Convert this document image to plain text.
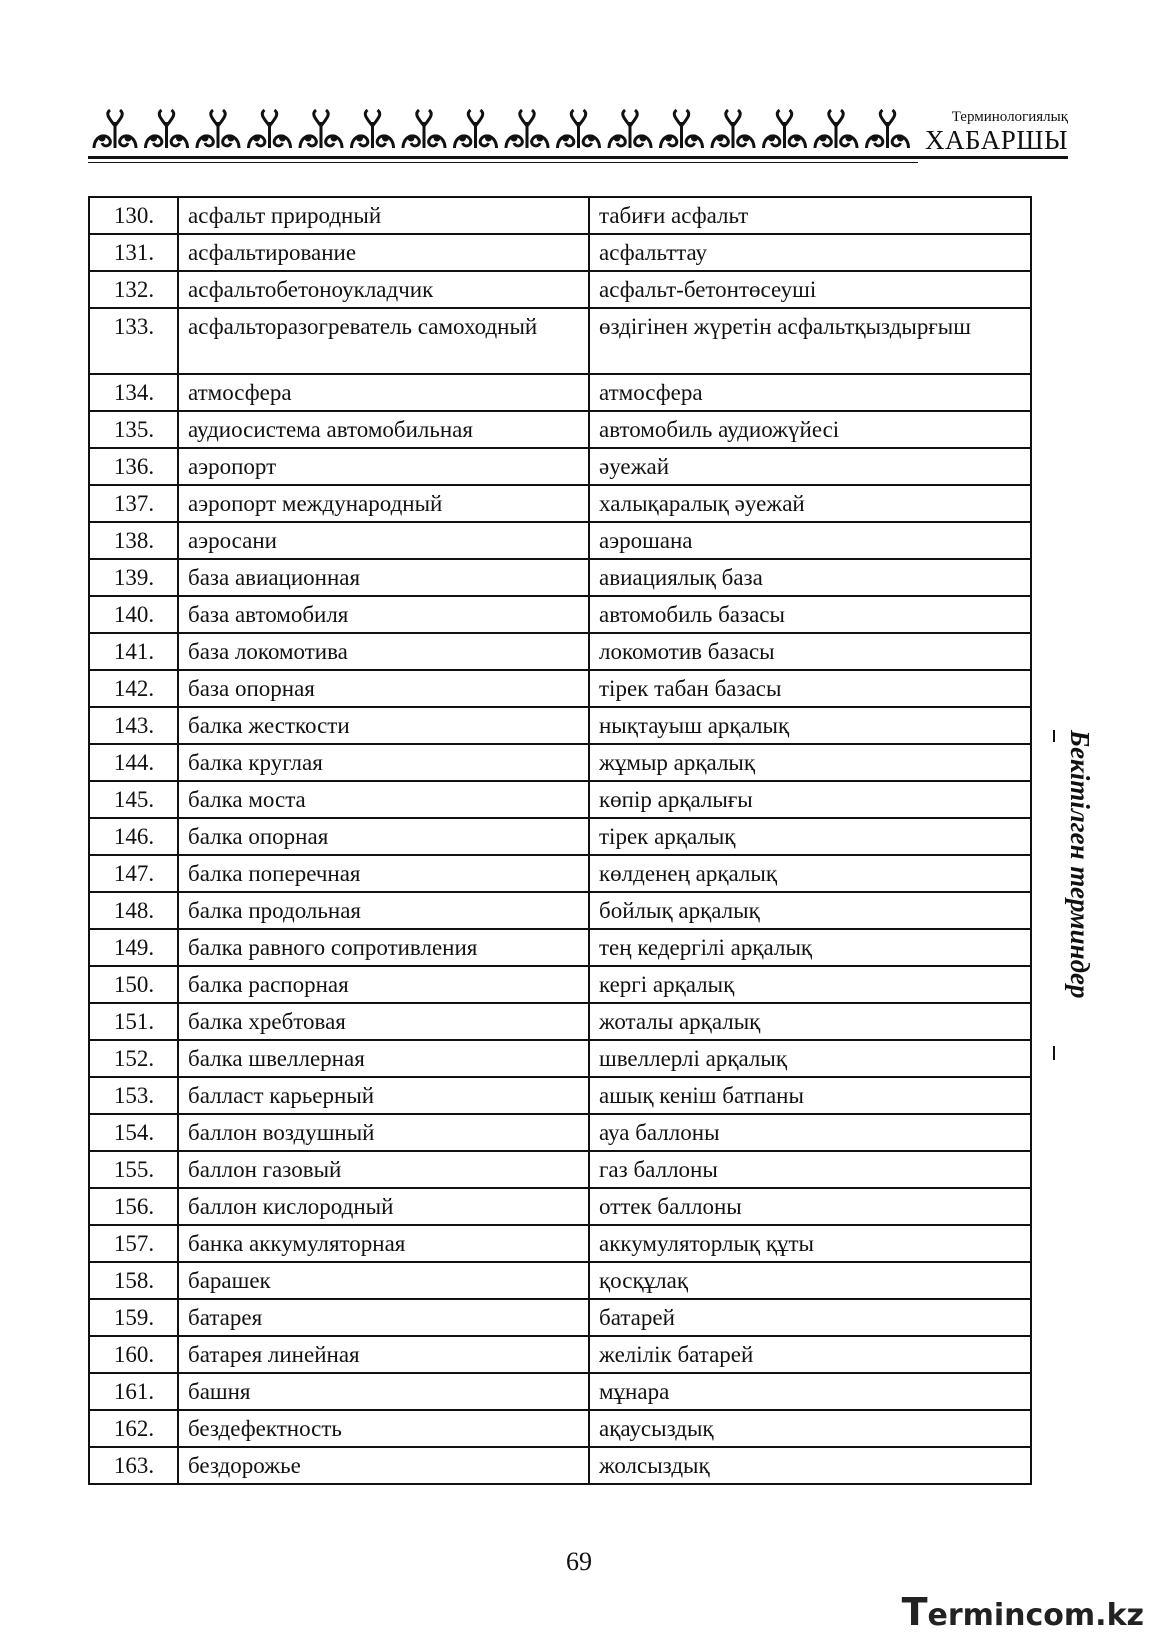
Терминологиялық
ХАБАРШЫ
130.	асфальт природный	табиғи асфальт
131.	асфальтирование	асфальттау
132.	асфальтобетоноукладчик	асфальт-бетонтөсеуші
133.	асфальторазогреватель самоходный	өздігінен жүретін асфальтқыздырғыш
134.	атмосфера	атмосфера
135.	аудиосистема автомобильная	автомобиль аудиожүйесі
136.	аэропорт	әуежай
137.	аэропорт международный	халықаралық әуежай
138.	аэросани	аэрошана
139.	база авиационная	авиациялық база
140.	база автомобиля	автомобиль базасы
141.	база локомотива	локомотив базасы
142.	база опорная	тірек табан базасы
143.	балка жесткости	нықтауыш арқалық
144.	балка круглая	жұмыр арқалық
145.	балка моста	көпір арқалығы
146.	балка опорная	тірек арқалық
147.	балка поперечная	көлденең арқалық
148.	балка продольная	бойлық арқалық
149.	балка равного сопротивления	тең кедергілі арқалық
150.	балка распорная	кергі арқалық
151.	балка хребтовая	жоталы арқалық
152.	балка швеллерная	швеллерлі арқалық
153.	балласт карьерный	ашық кеніш батпаны
154.	баллон воздушный	ауа баллоны
155.	баллон газовый	газ баллоны
156.	баллон кислородный	оттек баллоны
157.	банка аккумуляторная	аккумуляторлық құты
158.	барашек	қосқұлақ
159.	батарея	батарей
160.	батарея линейная	желілік батарей
161.	башня	мұнара
162.	бездефектность	ақаусыздық
163.	бездорожье	жолсыздық
Бекітілген терминдер
69
Termincom.kz
